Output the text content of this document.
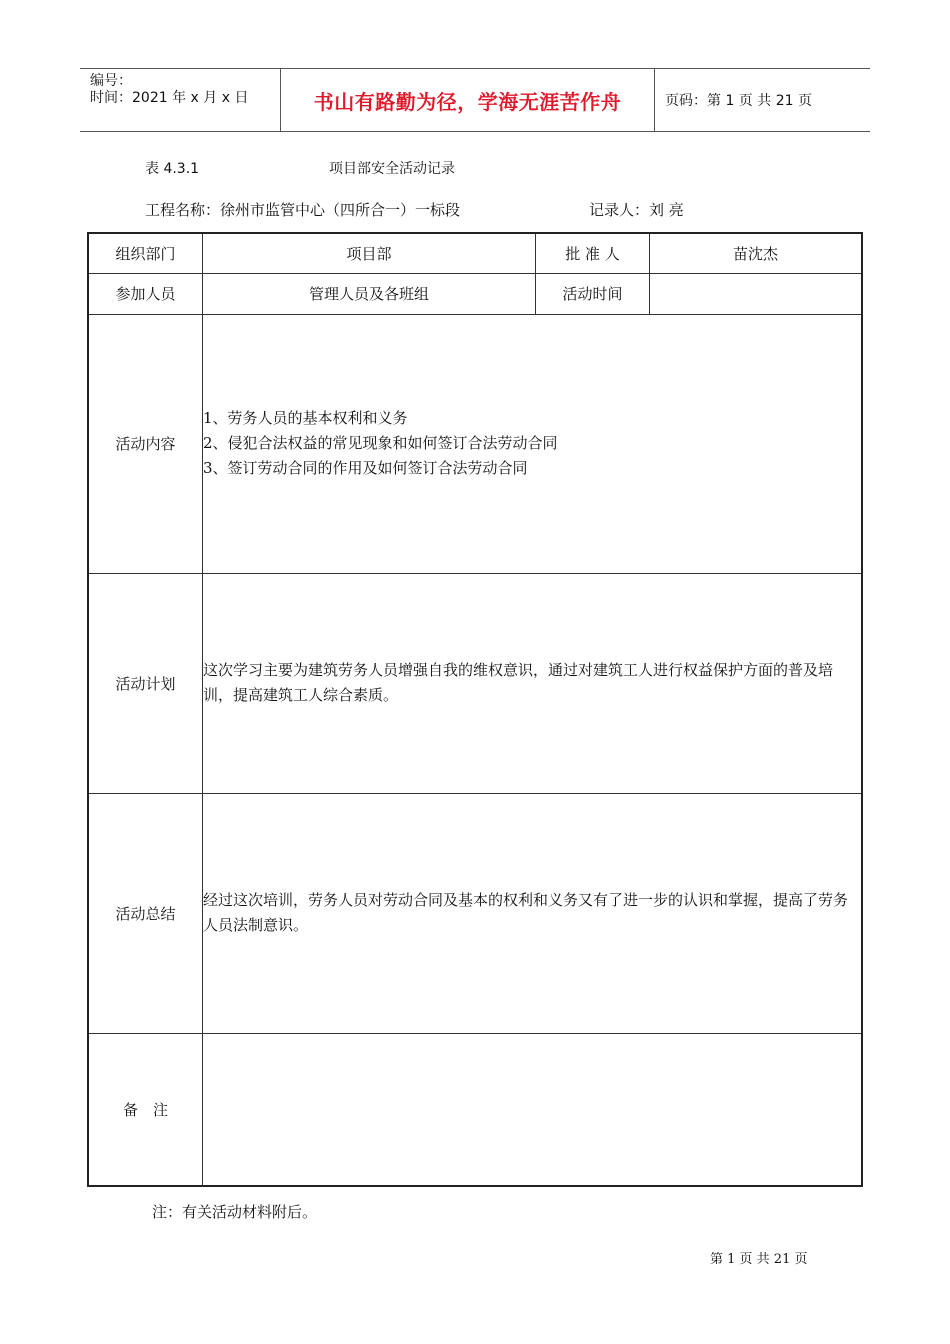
编号：
时间：2021 年 x 月 x 日	书山有路勤为径，学海无涯苦作舟	页码：第 1 页 共 21 页
表 4.3.1	项目部安全活动记录
工程名称：徐州市监管中心（四所合一）一标段	记录人：刘 亮
组织部门	项目部	批 准 人	苗沈杰
参加人员	管理人员及各班组	活动时间	
活动内容	1、劳务人员的基本权利和义务
2、侵犯合法权益的常见现象和如何签订合法劳动合同
3、签订劳动合同的作用及如何签订合法劳动合同		

活动计划	这次学习主要为建筑劳务人员增强自我的维权意识，通过对建筑工人进行权益保护方面的普及培训，提高建筑工人综合素质。		
活动总结	经过这次培训，劳务人员对劳动合同及基本的权利和义务又有了进一步的认识和掌握，提高了劳务人员法制意识。		
备　注			
注：有关活动材料附后。
第 1 页 共 21 页
